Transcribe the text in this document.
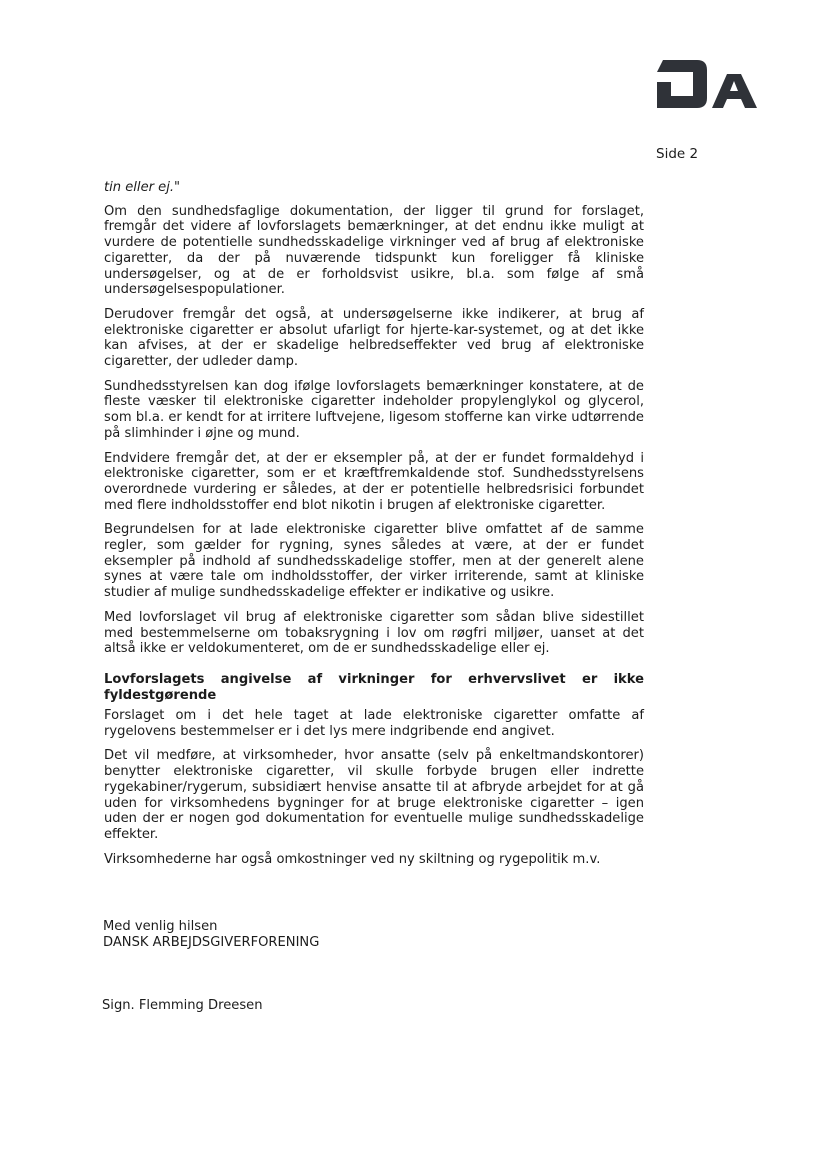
Side 2

tin eller ej."

Om den sundhedsfaglige dokumentation, der ligger til grund for forslaget, fremgår det videre af lovforslagets bemærkninger, at det endnu ikke muligt at vurdere de potentielle sundhedsskadelige virkninger ved af brug af elektroniske cigaretter, da der på nuværende tidspunkt kun foreligger få kliniske undersøgelser, og at de er forholdsvist usikre, bl.a. som følge af små undersøgelsespopulationer.

Derudover fremgår det også, at undersøgelserne ikke indikerer, at brug af elektroniske cigaretter er absolut ufarligt for hjerte-kar-systemet, og at det ikke kan afvises, at der er skadelige helbredseffekter ved brug af elektroniske cigaretter, der udleder damp.

Sundhedsstyrelsen kan dog ifølge lovforslagets bemærkninger konstatere, at de fleste væsker til elektroniske cigaretter indeholder propylenglykol og glycerol, som bl.a. er kendt for at irritere luftvejene, ligesom stofferne kan virke udtørrende på slimhinder i øjne og mund.

Endvidere fremgår det, at der er eksempler på, at der er fundet formaldehyd i elektroniske cigaretter, som er et kræftfremkaldende stof. Sundhedsstyrelsens overordnede vurdering er således, at der er potentielle helbredsrisici forbundet med flere indholdsstoffer end blot nikotin i brugen af elektroniske cigaretter.

Begrundelsen for at lade elektroniske cigaretter blive omfattet af de samme regler, som gælder for rygning, synes således at være, at der er fundet eksempler på indhold af sundhedsskadelige stoffer, men at der generelt alene synes at være tale om indholdsstoffer, der virker irriterende, samt at kliniske studier af mulige sundhedsskadelige effekter er indikative og usikre.

Med lovforslaget vil brug af elektroniske cigaretter som sådan blive sidestillet med bestemmelserne om tobaksrygning i lov om røgfri miljøer, uanset at det altså ikke er veldokumenteret, om de er sundhedsskadelige eller ej.

Lovforslagets angivelse af virkninger for erhvervslivet er ikke fyldestgørende

Forslaget om i det hele taget at lade elektroniske cigaretter omfatte af rygelovens bestemmelser er i det lys mere indgribende end angivet.

Det vil medføre, at virksomheder, hvor ansatte (selv på enkeltmandskontorer) benytter elektroniske cigaretter, vil skulle forbyde brugen eller indrette rygekabiner/rygerum, subsidiært henvise ansatte til at afbryde arbejdet for at gå uden for virksomhedens bygninger for at bruge elektroniske cigaretter – igen uden der er nogen god dokumentation for eventuelle mulige sundhedsskadelige effekter.

Virksomhederne har også omkostninger ved ny skiltning og rygepolitik m.v.

Med venlig hilsen
DANSK ARBEJDSGIVERFORENING
Sign. Flemming Dreesen
